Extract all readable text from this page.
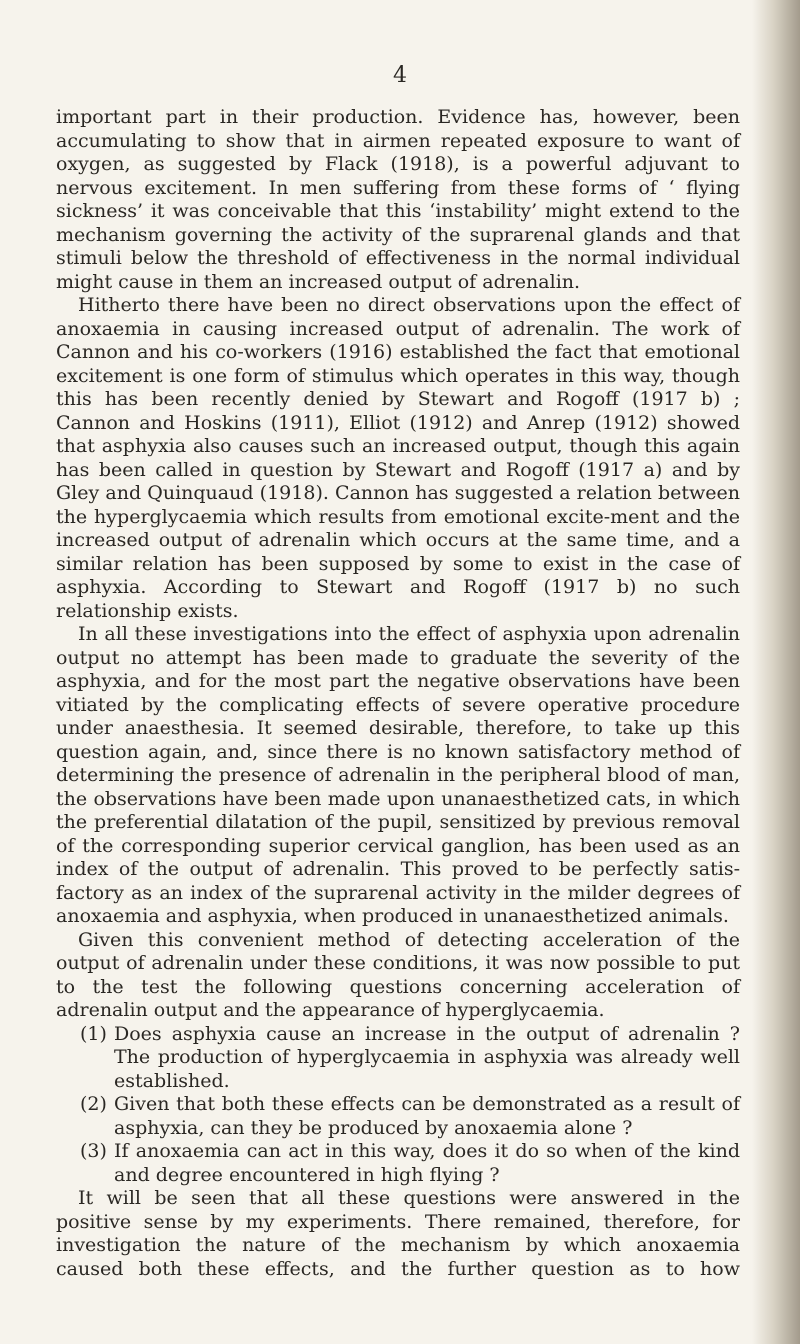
4

important part in their production. Evidence has, however, been accumulating to show that in airmen repeated exposure to want of oxygen, as suggested by Flack (1918), is a powerful adjuvant to nervous excitement. In men suffering from these forms of ‘ flying sickness’ it was conceivable that this ‘instability’ might extend to the mechanism governing the activity of the suprarenal glands and that stimuli below the threshold of effectiveness in the normal individual might cause in them an increased output of adrenalin.

Hitherto there have been no direct observations upon the effect of anoxaemia in causing increased output of adrenalin. The work of Cannon and his co-workers (1916) established the fact that emotional excitement is one form of stimulus which operates in this way, though this has been recently denied by Stewart and Rogoff (1917 b) ; Cannon and Hoskins (1911), Elliot (1912) and Anrep (1912) showed that asphyxia also causes such an increased output, though this again has been called in question by Stewart and Rogoff (1917 a) and by Gley and Quinquaud (1918). Cannon has suggested a relation between the hyperglycaemia which results from emotional excite-ment and the increased output of adrenalin which occurs at the same time, and a similar relation has been supposed by some to exist in the case of asphyxia. According to Stewart and Rogoff (1917 b) no such relationship exists.

In all these investigations into the effect of asphyxia upon adrenalin output no attempt has been made to graduate the severity of the asphyxia, and for the most part the negative observations have been vitiated by the complicating effects of severe operative procedure under anaesthesia. It seemed desirable, therefore, to take up this question again, and, since there is no known satisfactory method of determining the presence of adrenalin in the peripheral blood of man, the observations have been made upon unanaesthetized cats, in which the preferential dilatation of the pupil, sensitized by previous removal of the corresponding superior cervical ganglion, has been used as an index of the output of adrenalin. This proved to be perfectly satis-factory as an index of the suprarenal activity in the milder degrees of anoxaemia and asphyxia, when produced in unanaesthetized animals.

Given this convenient method of detecting acceleration of the output of adrenalin under these conditions, it was now possible to put to the test the following questions concerning acceleration of adrenalin output and the appearance of hyperglycaemia.

(1) Does asphyxia cause an increase in the output of adrenalin ? The production of hyperglycaemia in asphyxia was already well established.

(2) Given that both these effects can be demonstrated as a result of asphyxia, can they be produced by anoxaemia alone ?

(3) If anoxaemia can act in this way, does it do so when of the kind and degree encountered in high flying ?

It will be seen that all these questions were answered in the positive sense by my experiments. There remained, therefore, for investigation the nature of the mechanism by which anoxaemia caused both these effects, and the further question as to how
